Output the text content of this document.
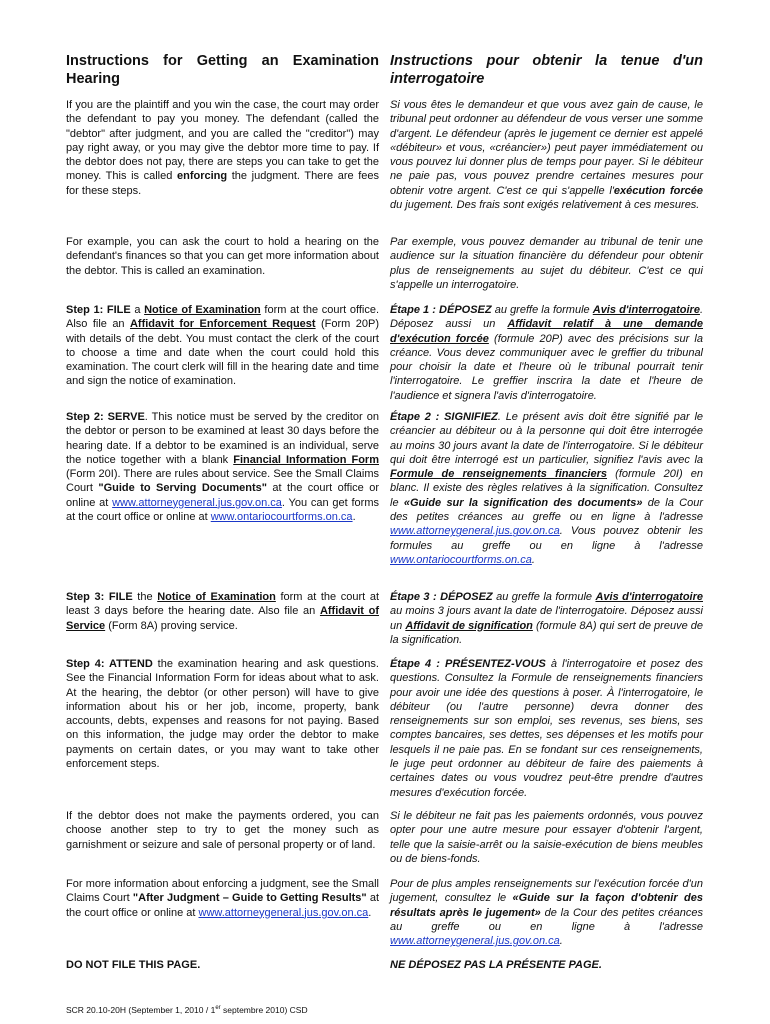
Instructions for Getting an Examination Hearing

If you are the plaintiff and you win the case, the court may order the defendant to pay you money. The defendant (called the "debtor" after judgment, and you are called the "creditor") may pay right away, or you may give the debtor more time to pay. If the debtor does not pay, there are steps you can take to get the money. This is called enforcing the judgment. There are fees for these steps.

For example, you can ask the court to hold a hearing on the defendant's finances so that you can get more information about the debtor. This is called an examination.

Step 1: FILE a Notice of Examination form at the court office. Also file an Affidavit for Enforcement Request (Form 20P) with details of the debt. You must contact the clerk of the court to choose a time and date when the court could hold this examination. The court clerk will fill in the hearing date and time and sign the notice of examination.

Step 2: SERVE. This notice must be served by the creditor on the debtor or person to be examined at least 30 days before the hearing date. If a debtor to be examined is an individual, serve the notice together with a blank Financial Information Form (Form 20I). There are rules about service. See the Small Claims Court "Guide to Serving Documents" at the court office or online at www.attorneygeneral.jus.gov.on.ca. You can get forms at the court office or online at www.ontariocourtforms.on.ca.

Step 3: FILE the Notice of Examination form at the court at least 3 days before the hearing date. Also file an Affidavit of Service (Form 8A) proving service.

Step 4: ATTEND the examination hearing and ask questions. See the Financial Information Form for ideas about what to ask. At the hearing, the debtor (or other person) will have to give information about his or her job, income, property, bank accounts, debts, expenses and reasons for not paying. Based on this information, the judge may order the debtor to make payments on certain dates, or you may want to take other enforcement steps.

If the debtor does not make the payments ordered, you can choose another step to try to get the money such as garnishment or seizure and sale of personal property or of land.

For more information about enforcing a judgment, see the Small Claims Court "After Judgment – Guide to Getting Results" at the court office or online at www.attorneygeneral.jus.gov.on.ca.

DO NOT FILE THIS PAGE.

Instructions pour obtenir la tenue d'un interrogatoire

Si vous êtes le demandeur et que vous avez gain de cause, le tribunal peut ordonner au défendeur de vous verser une somme d'argent. Le défendeur (après le jugement ce dernier est appelé «débiteur» et vous, «créancier») peut payer immédiatement ou vous pouvez lui donner plus de temps pour payer. Si le débiteur ne paie pas, vous pouvez prendre certaines mesures pour obtenir votre argent. C'est ce qui s'appelle l'exécution forcée du jugement. Des frais sont exigés relativement à ces mesures.

Par exemple, vous pouvez demander au tribunal de tenir une audience sur la situation financière du défendeur pour obtenir plus de renseignements au sujet du débiteur. C'est ce qui s'appelle un interrogatoire.

Étape 1 : DÉPOSEZ au greffe la formule Avis d'interrogatoire. Déposez aussi un Affidavit relatif à une demande d'exécution forcée (formule 20P) avec des précisions sur la créance. Vous devez communiquer avec le greffier du tribunal pour choisir la date et l'heure où le tribunal pourrait tenir l'interrogatoire. Le greffier inscrira la date et l'heure de l'audience et signera l'avis d'interrogatoire.

Étape 2 : SIGNIFIEZ. Le présent avis doit être signifié par le créancier au débiteur ou à la personne qui doit être interrogée au moins 30 jours avant la date de l'interrogatoire. Si le débiteur qui doit être interrogé est un particulier, signifiez l'avis avec la Formule de renseignements financiers (formule 20I) en blanc. Il existe des règles relatives à la signification. Consultez le «Guide sur la signification des documents» de la Cour des petites créances au greffe ou en ligne à l'adresse www.attorneygeneral.jus.gov.on.ca. Vous pouvez obtenir les formules au greffe ou en ligne à l'adresse www.ontariocourtforms.on.ca.

Étape 3 : DÉPOSEZ au greffe la formule Avis d'interrogatoire au moins 3 jours avant la date de l'interrogatoire. Déposez aussi un Affidavit de signification (formule 8A) qui sert de preuve de la signification.

Étape 4 : PRÉSENTEZ-VOUS à l'interrogatoire et posez des questions. Consultez la Formule de renseignements financiers pour avoir une idée des questions à poser. À l'interrogatoire, le débiteur (ou l'autre personne) devra donner des renseignements sur son emploi, ses revenus, ses biens, ses comptes bancaires, ses dettes, ses dépenses et les motifs pour lesquels il ne paie pas. En se fondant sur ces renseignements, le juge peut ordonner au débiteur de faire des paiements à certaines dates ou vous voudrez peut-être prendre d'autres mesures d'exécution forcée.

Si le débiteur ne fait pas les paiements ordonnés, vous pouvez opter pour une autre mesure pour essayer d'obtenir l'argent, telle que la saisie-arrêt ou la saisie-exécution de biens meubles ou de biens-fonds.

Pour de plus amples renseignements sur l'exécution forcée d'un jugement, consultez le «Guide sur la façon d'obtenir des résultats après le jugement» de la Cour des petites créances au greffe ou en ligne à l'adresse www.attorneygeneral.jus.gov.on.ca.

NE DÉPOSEZ PAS LA PRÉSENTE PAGE.

SCR 20.10-20H (September 1, 2010 / 1er septembre 2010) CSD
